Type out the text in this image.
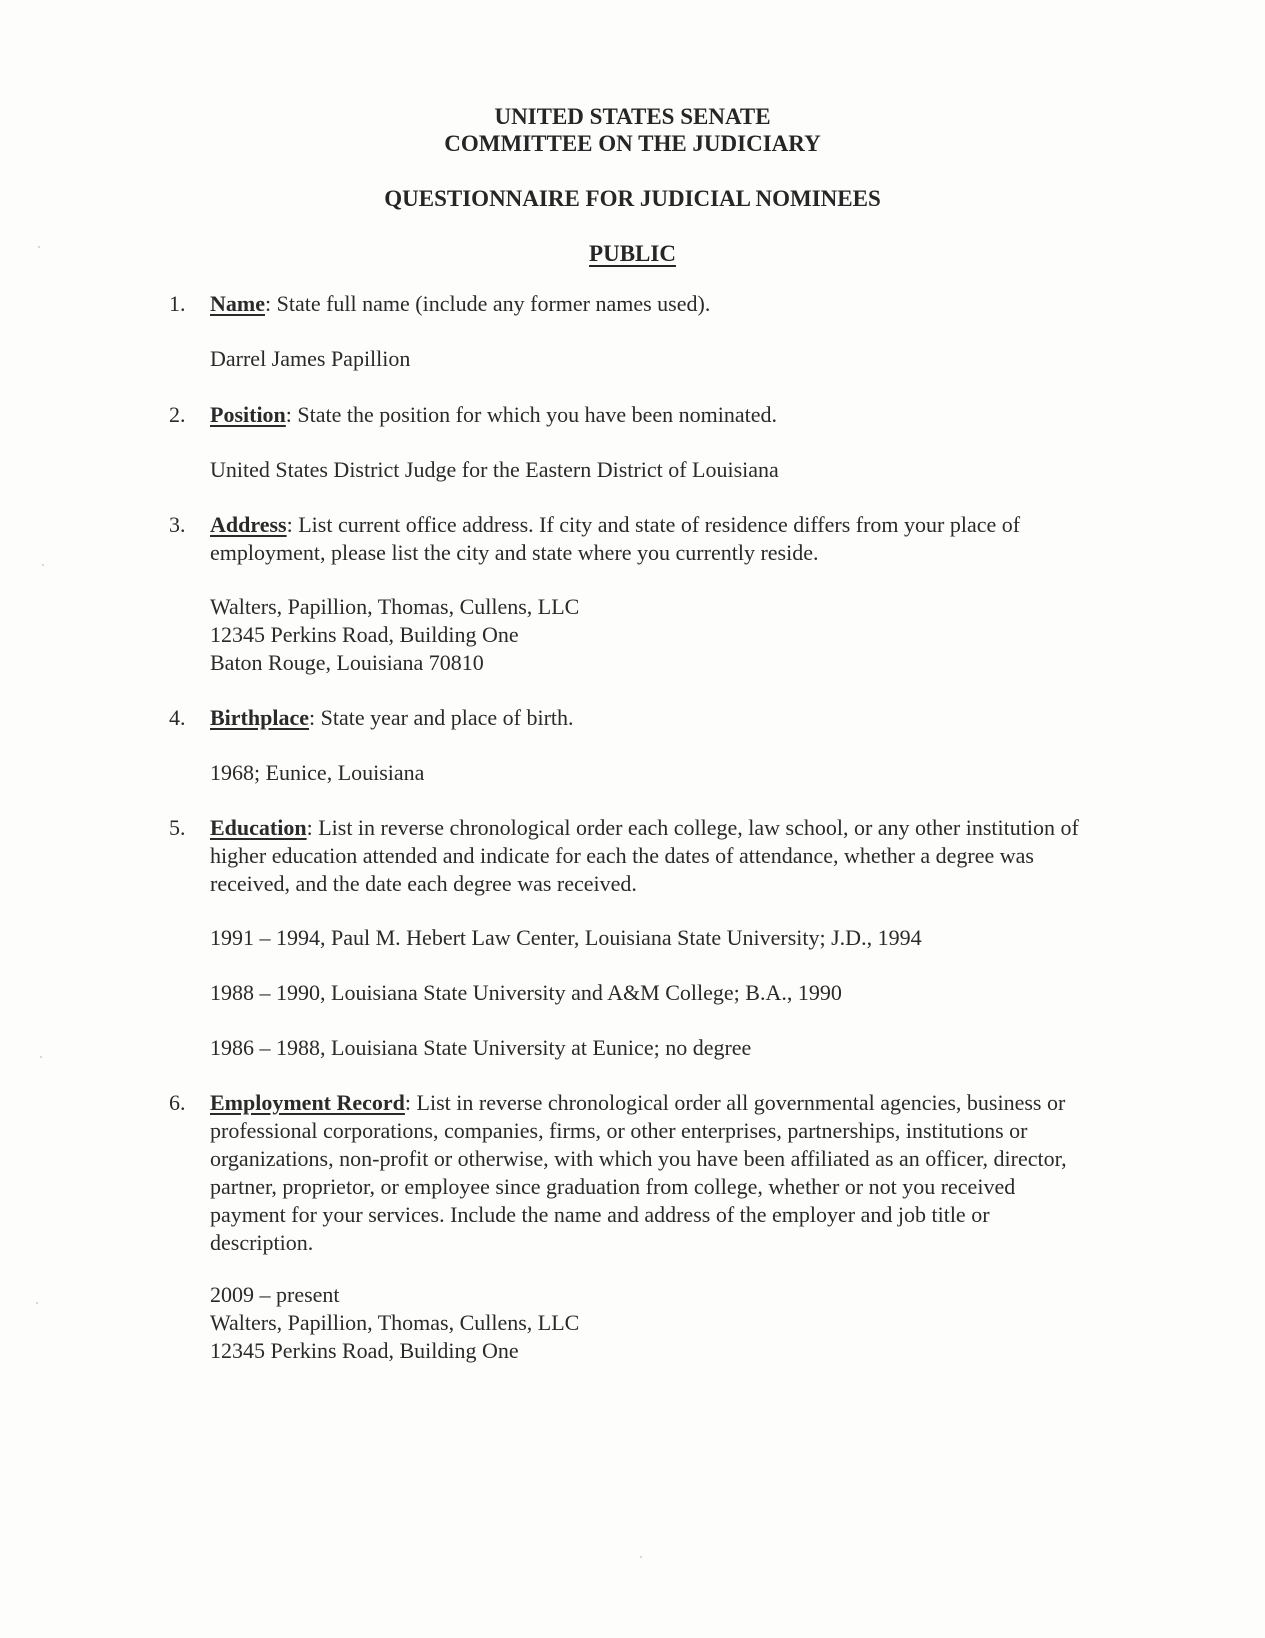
UNITED STATES SENATE
COMMITTEE ON THE JUDICIARY
QUESTIONNAIRE FOR JUDICIAL NOMINEES
PUBLIC
1.	Name: State full name (include any former names used).
Darrel James Papillion
2.	Position: State the position for which you have been nominated.
United States District Judge for the Eastern District of Louisiana
3.	Address: List current office address. If city and state of residence differs from your place of employment, please list the city and state where you currently reside.
Walters, Papillion, Thomas, Cullens, LLC
12345 Perkins Road, Building One
Baton Rouge, Louisiana 70810
4.	Birthplace: State year and place of birth.
1968; Eunice, Louisiana
5.	Education: List in reverse chronological order each college, law school, or any other institution of higher education attended and indicate for each the dates of attendance, whether a degree was received, and the date each degree was received.
1991 – 1994, Paul M. Hebert Law Center, Louisiana State University; J.D., 1994
1988 – 1990, Louisiana State University and A&M College; B.A., 1990
1986 – 1988, Louisiana State University at Eunice; no degree
6.	Employment Record: List in reverse chronological order all governmental agencies, business or professional corporations, companies, firms, or other enterprises, partnerships, institutions or organizations, non-profit or otherwise, with which you have been affiliated as an officer, director, partner, proprietor, or employee since graduation from college, whether or not you received payment for your services. Include the name and address of the employer and job title or description.
2009 – present
Walters, Papillion, Thomas, Cullens, LLC
12345 Perkins Road, Building One
